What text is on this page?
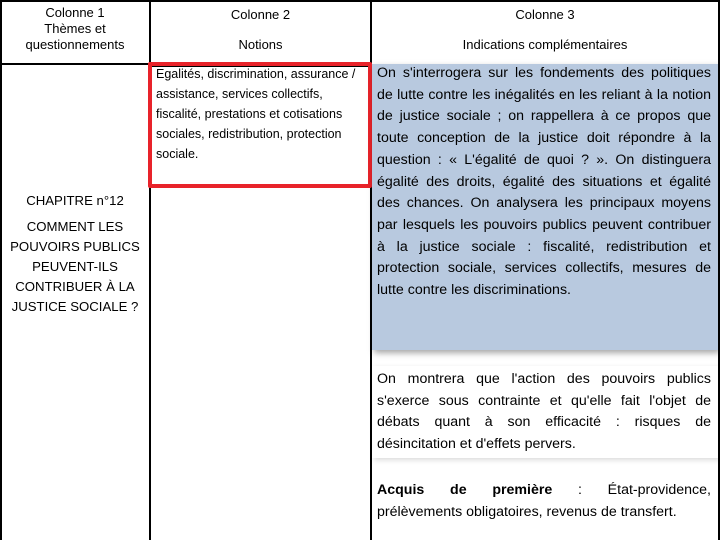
Colonne 1
Thèmes et questionnements
Colonne 2
Notions
Colonne 3
Indications complémentaires
CHAPITRE n°12
COMMENT LES POUVOIRS PUBLICS PEUVENT-ILS CONTRIBUER À LA JUSTICE SOCIALE ?
Egalités, discrimination, assurance / assistance, services collectifs, fiscalité, prestations et cotisations sociales, redistribution, protection sociale.
On s'interrogera sur les fondements des politiques de lutte contre les inégalités en les reliant à la notion de justice sociale ; on rappellera à ce propos que toute conception de la justice doit répondre à la question : « L'égalité de quoi ? ». On distinguera égalité des droits, égalité des situations et égalité des chances. On analysera les principaux moyens par lesquels les pouvoirs publics peuvent contribuer à la justice sociale : fiscalité, redistribution et protection sociale, services collectifs, mesures de lutte contre les discriminations.
On montrera que l'action des pouvoirs publics s'exerce sous contrainte et qu'elle fait l'objet de débats quant à son efficacité : risques de désincitation et d'effets pervers.
Acquis de première : État-providence, prélèvements obligatoires, revenus de transfert.
